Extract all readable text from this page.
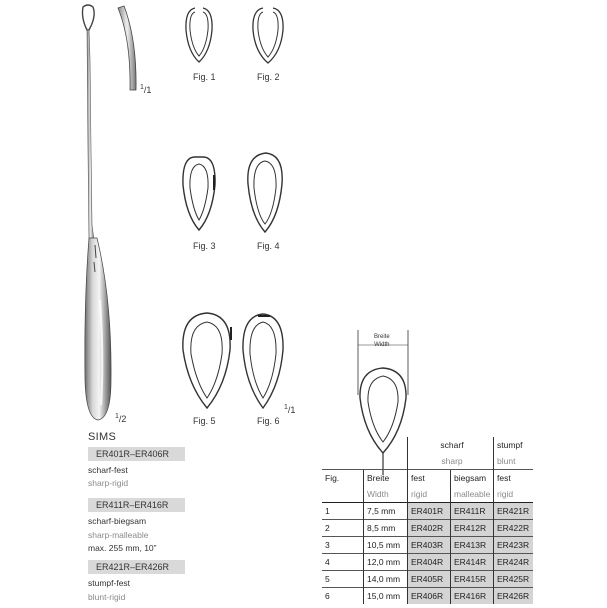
Fig. 1	Fig. 2
Fig. 3	Fig. 4
Fig. 5	Fig. 6
$^1$/1
$^1$/2
$^1$/1
Breite
Width
SIMS
ER401R–ER406R
scharf-fest
sharp-rigid
ER411R–ER416R
scharf-biegsam
sharp-malleable
max. 255 mm, 10”
ER421R–ER426R
stumpf-fest
blunt-rigid
		scharf		stumpf
		sharp		blunt
Fig.	Breite	fest	biegsam	fest
	Width	rigid	malleable	rigid
1	7,5 mm	ER401R	ER411R	ER421R
2	8,5 mm	ER402R	ER412R	ER422R
3	10,5 mm	ER403R	ER413R	ER423R
4	12,0 mm	ER404R	ER414R	ER424R
5	14,0 mm	ER405R	ER415R	ER425R
6	15,0 mm	ER406R	ER416R	ER426R
